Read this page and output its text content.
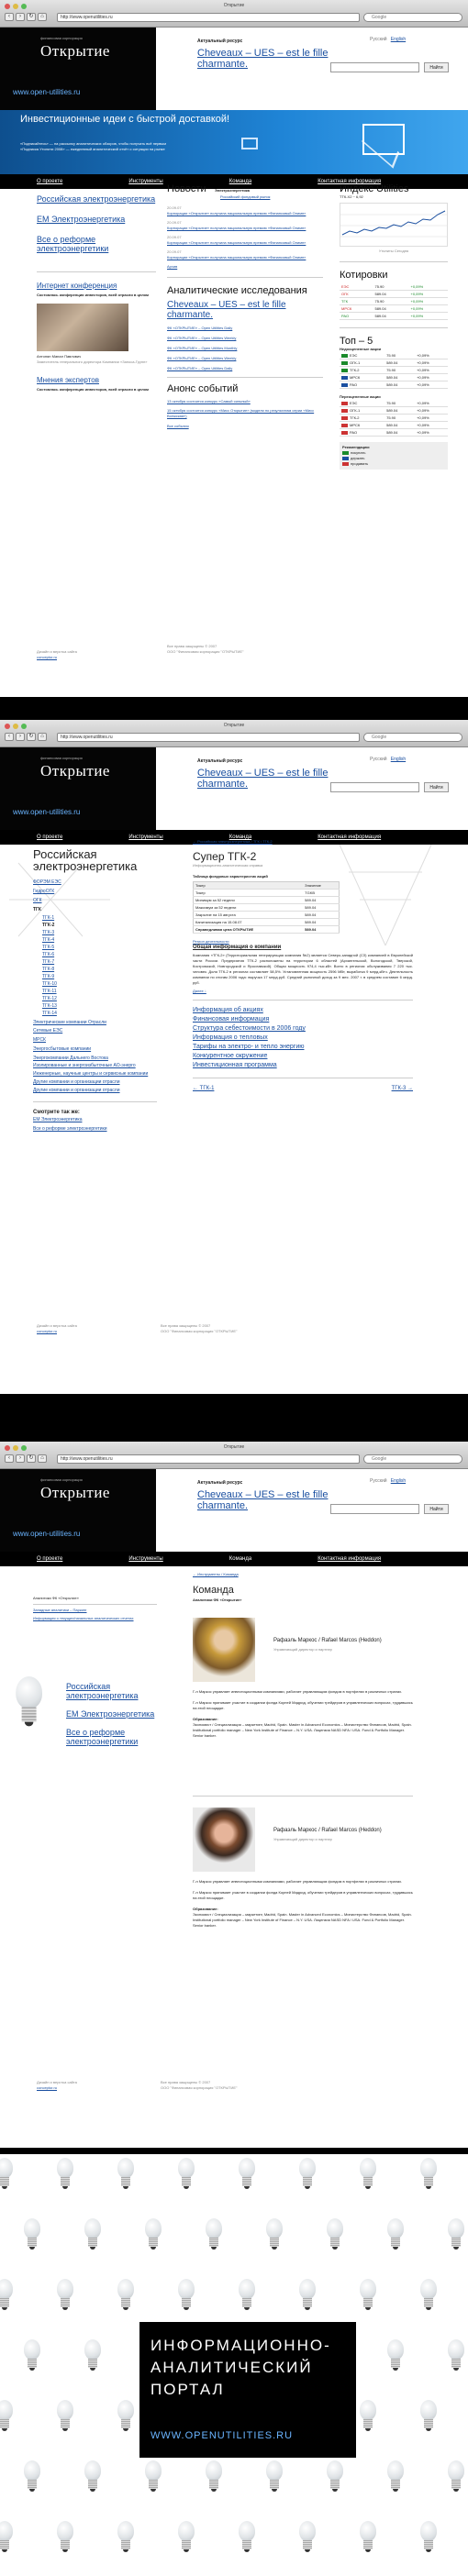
Открытие
‹	›	↻	⌂	http://www.openutilities.ru	Google
финансовая корпорация
Открытие
www.open-utilities.ru
Актуальный ресурс
Cheveaux – UES – est le fille charmante.
Русский English
Найти
Инвестиционные идеи с быстрой доставкой!
«Подписайтесь» — на рассылку аналитических обзоров, чтобы получать всё первым
«Подписка Утилити 2008» — ежедневный аналитический отчёт о ситуации на рынке
О проекте	Инструменты	Команда	Контактная информация
Российская электроэнергетика
ЕМ Электроэнергетика
Все о реформе электроэнергетики
Интернет конференция
Состоялась конференция инвесторов, всей отрасли в целом
Антонян Манал Павлович
Заместитель генерального директора Компании «Запоса-Групп»
Мнения экспертов
Состоялась конференция инвесторов, всей отрасли в целом
Новости Электроэнергетика
Российский фондовый рынок
20.09.07
Корпорации «Открытие» получила национальную премию «Финансовый Олимп»
20.09.07
Корпорации «Открытие» получила национальную премию «Финансовый Олимп»
20.09.07
Корпорации «Открытие» получила национальную премию «Финансовый Олимп»
20.09.07
Корпорации «Открытие» получила национальную премию «Финансовый Олимп»
Архив
Аналитические исследования
Cheveaux – UES – est le fille charmante.
ФК «ОТКРЫТИЕ» – Open Utilities Daily
ФК «ОТКРЫТИЕ» – Open Utilities Weekly
ФК «ОТКРЫТИЕ» – Open Utilities Monthly
ФК «ОТКРЫТИЕ» – Open Utilities Weekly
ФК «ОТКРЫТИЕ» – Open Utilities Daily
Анонс событий
13 октября состоится конкурс «Самый сильный»
15 октября состоится конкурс «Мисс Открытие» (модели по результатам серии «Мисс Волжская»)
Все события
Индекс Utilities
ТТК-Х2 ~ 6,92
Утилиты Сегодня
Котировки
ЕЭС	75.90	+0,09%
ОГК	589.04	+0,09%
ТГК	75.90	+0,09%
МРСК	589.04	+0,09%
РАО	589.04	+0,09%
Топ – 5
Недооцененные акции
ЕЭС	75.90	+0,09%
ОГК-1	589.04	+0,09%
ТГК-2	75.90	+0,09%
МРСК	589.04	+0,09%
РАО	589.04	+0,09%
Переоцененные акции
ЕЭС	75.90	+0,09%
ОГК-1	589.04	+0,09%
ТГК-2	75.90	+0,09%
МРСК	589.04	+0,09%
РАО	589.04	+0,09%
Рекомендации:
покупать
держать
продавать
Дизайн и верстка сайта
conceptor.ru
Все права защищены © 2007
ООО "Финансовая корпорация "ОТКРЫТИЕ"
Открытие
‹	›	↻	⌂	http://www.openutilities.ru	Google
финансовая корпорация
Открытие
www.open-utilities.ru
Актуальный ресурс
Cheveaux – UES – est le fille charmante.
Русский English
Найти
О проекте	Инструменты	Команда	Контактная информация
Российская электроэнергетика
ФОРЭМ ЕЭС
ГидроОГК
ОГК
ТГК
ТГК-1
ТГК-2
ТГК-3
ТГК-4
ТГК-5
ТГК-6
ТГК-7
ТГК-8
ТГК-9
ТГК-10
ТГК-11
ТГК-12
ТГК-13
ТГК-14
Электрические компании Отрасли
Сетевые ЕЭС
МРСК
Энергосбытовые компании
Энергокомпании Дальнего Востока
Изолированные и энергоизбыточные АО-энерго
Инженерные, научные центры и сервисные компании
Другие компании и организации отрасли
Другие компании и организации отрасли
Смотрите так же:
ЕМ Электроэнергетика
Все о реформе электроэнергетики
← Российская электроэнергетика / ТГК / ТГК-2
Супер ТГК-2
Информационно-аналитическая справка
Таблица фондовых характеристик акций
Тикер	Значение
Тикер	TGKB
Минимум за 52 недели	589.04
Максимум за 52 недели	589.04
Закрытие на 15 августа	589.04
Капитализация на 15.08.07	589.04
Справедливая цена ОТКРЫТИЕ	589.04
Регион деятельности
Общая информация о компании
Компания «ТГК-2» (Территориальная генерирующая компания №2) является Северо-западной (СЗ) компанией в Европейской части России. Предприятия ТГК-2 расположены на территории 6 областей (Архангельской, Вологодской, Тверской, Костромской, Новгородской и Ярославской). Общая мощность 974,4 тыс.кВт. Всего в регионах обслуживания 7 220 тыс. человек. Доля ТГК-2 в регионах составляет 58,5%. Установленная мощность 2596 МВт, выработка 9 млрд.кВтч. Деятельность компании по итогам 2006 года: выручка 17 млрд.руб. Средний рыночный доход за 9 мес. 2007 г. в среднем составил 6 млрд. руб.
Далее ↓
Информация об акциях
Финансовая информация
Структура себестоимости в 2006 году
Информация о тепловых
Тарифы на электро- и тепло энергию
Конкурентное окружение
Инвестиционная программа
← ТГК-1	ТГК-3 →
Дизайн и верстка сайта
conceptor.ru
Все права защищены © 2007
ООО "Финансовая корпорация "ОТКРЫТИЕ"
Открытие
‹	›	↻	⌂	http://www.openutilities.ru	Google
финансовая корпорация
Открытие
www.open-utilities.ru
Актуальный ресурс
Cheveaux – UES – est le fille charmante.
Русский English
Найти
О проекте	Инструменты	Команда	Контактная информация
Аналитики ФК «Открытие»
Западные аналитики – Паркинг
Информация о текущих/начальных аналитических отчетах
Российская электроэнергетика
ЕМ Электроэнергетика
Все о реформе электроэнергетики
← Инструменты / Команда
Команда
Аналитики ФК «Открытие»
Рафаэль Маркос / Rafael Marcos (Heddon)
Управляющий директор и партнер
Г-н Маркос управляет инвестиционными компаниями, работает управляющим фондом в портфелях в различных странах.

Г-н Маркос принимает участие в создании фонда Корней Мадрид, обучении трейдеров в управленческих вопросах, трудившись на этой площадке.

Образование:
Экономист / Специализация – маркетинг, Madrid, Spain. Master in Advanced Economics – Министерство Финансов, Madrid, Spain. Institutional portfolio manager – New York Institute of Finance – N.Y. USA. Лицензия NASD NFA / USA. Fund & Portfolio Manager. Senior banker.
Рафаэль Маркос / Rafael Marcos (Heddon)
Управляющий директор и партнер
Г-н Маркос управляет инвестиционными компаниями, работает управляющим фондом в портфелях в различных странах.

Г-н Маркос принимает участие в создании фонда Корней Мадрид, обучении трейдеров в управленческих вопросах, трудившись на этой площадке.

Образование:
Экономист / Специализация – маркетинг, Madrid, Spain. Master in Advanced Economics – Министерство Финансов, Madrid, Spain. Institutional portfolio manager – New York Institute of Finance – N.Y. USA. Лицензия NASD NFA / USA. Fund & Portfolio Manager. Senior banker.
Дизайн и верстка сайта
conceptor.ru
Все права защищены © 2007
ООО "Финансовая корпорация "ОТКРЫТИЕ"
ИНФОРМАЦИОННО- АНАЛИТИЧЕСКИЙ ПОРТАЛ
WWW.OPENUTILITIES.RU
